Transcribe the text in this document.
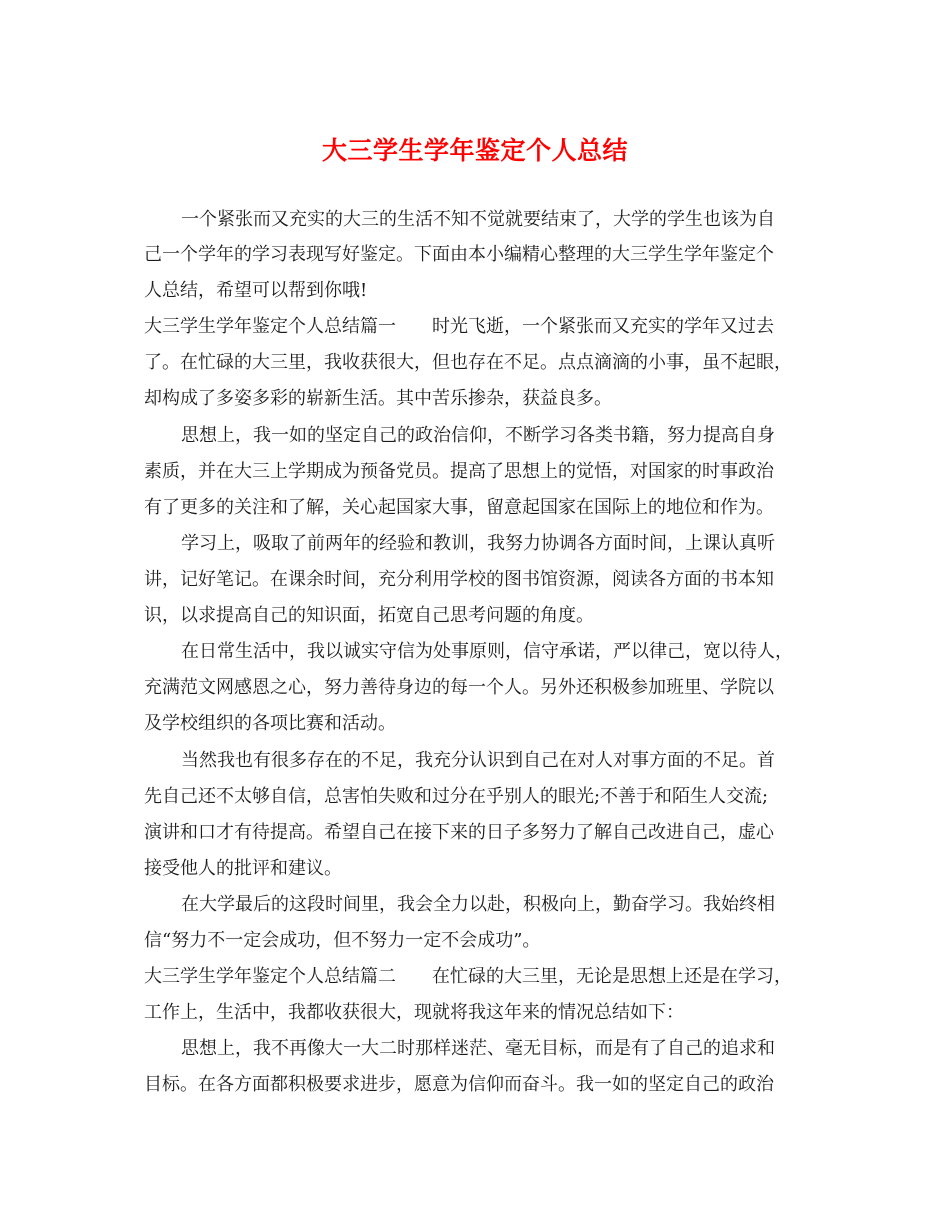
大三学生学年鉴定个人总结
一个紧张而又充实的大三的生活不知不觉就要结束了，大学的学生也该为自
己一个学年的学习表现写好鉴定。下面由本小编精心整理的大三学生学年鉴定个
人总结，希望可以帮到你哦!
大三学生学年鉴定个人总结篇一　　时光飞逝，一个紧张而又充实的学年又过去
了。在忙碌的大三里，我收获很大，但也存在不足。点点滴滴的小事，虽不起眼，
却构成了多姿多彩的崭新生活。其中苦乐掺杂，获益良多。
思想上，我一如的坚定自己的政治信仰，不断学习各类书籍，努力提高自身
素质，并在大三上学期成为预备党员。提高了思想上的觉悟，对国家的时事政治
有了更多的关注和了解，关心起国家大事，留意起国家在国际上的地位和作为。
学习上，吸取了前两年的经验和教训，我努力协调各方面时间，上课认真听
讲，记好笔记。在课余时间，充分利用学校的图书馆资源，阅读各方面的书本知
识，以求提高自己的知识面，拓宽自己思考问题的角度。
在日常生活中，我以诚实守信为处事原则，信守承诺，严以律己，宽以待人，
充满范文网感恩之心，努力善待身边的每一个人。另外还积极参加班里、学院以
及学校组织的各项比赛和活动。
当然我也有很多存在的不足，我充分认识到自己在对人对事方面的不足。首
先自己还不太够自信，总害怕失败和过分在乎别人的眼光;不善于和陌生人交流;
演讲和口才有待提高。希望自己在接下来的日子多努力了解自己改进自己，虚心
接受他人的批评和建议。
在大学最后的这段时间里，我会全力以赴，积极向上，勤奋学习。我始终相
信“努力不一定会成功，但不努力一定不会成功”。
大三学生学年鉴定个人总结篇二　　在忙碌的大三里，无论是思想上还是在学习，
工作上，生活中，我都收获很大，现就将我这年来的情况总结如下：
思想上，我不再像大一大二时那样迷茫、毫无目标，而是有了自己的追求和
目标。在各方面都积极要求进步，愿意为信仰而奋斗。我一如的坚定自己的政治
